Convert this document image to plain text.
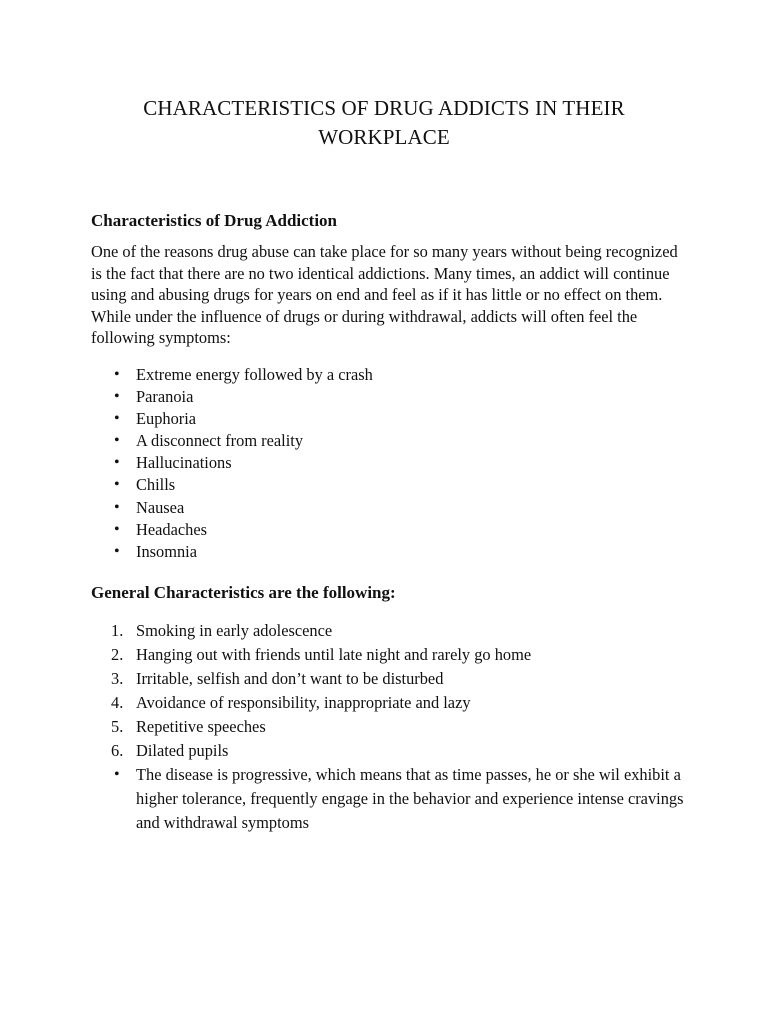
CHARACTERISTICS OF DRUG ADDICTS IN THEIR
WORKPLACE
Characteristics of Drug Addiction
One of the reasons drug abuse can take place for so many years without being recognized is the fact that there are no two identical addictions. Many times, an addict will continue using and abusing drugs for years on end and feel as if it has little or no effect on them. While under the influence of drugs or during withdrawal, addicts will often feel the following symptoms:
• Extreme energy followed by a crash
• Paranoia
• Euphoria
• A disconnect from reality
• Hallucinations
• Chills
• Nausea
• Headaches
• Insomnia
General Characteristics are the following:
1. Smoking in early adolescence
2. Hanging out with friends until late night and rarely go home
3. Irritable, selfish and don’t want to be disturbed
4. Avoidance of responsibility, inappropriate and lazy
5. Repetitive speeches
6. Dilated pupils
• The disease is progressive, which means that as time passes, he or she wil exhibit a higher tolerance, frequently engage in the behavior and experience intense cravings and withdrawal symptoms
